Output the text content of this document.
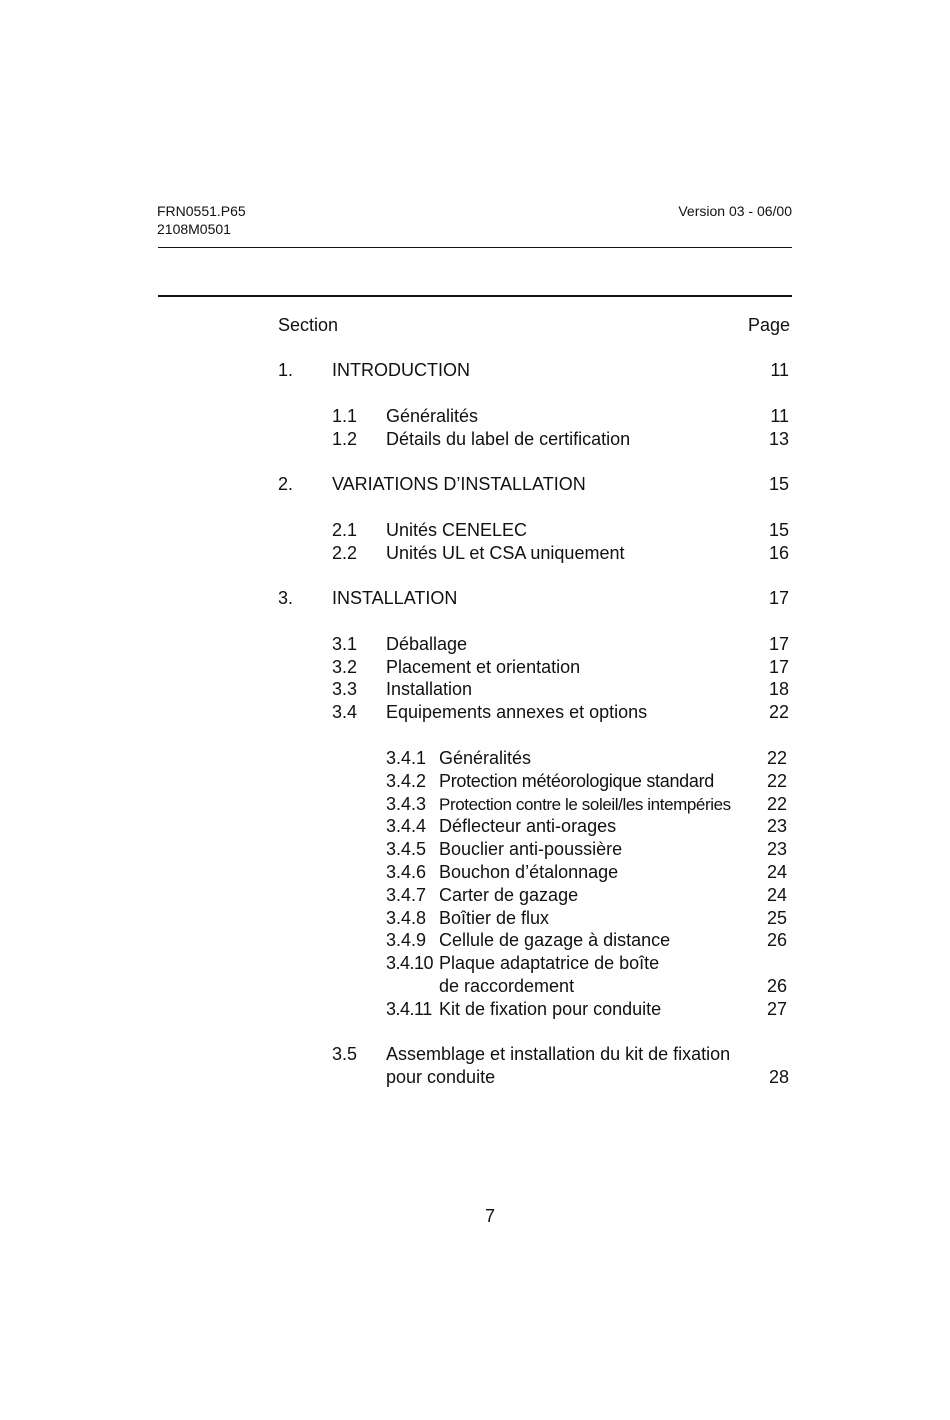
FRN0551.P65
2108M0501
Version 03 - 06/00
Section	Page
1. INTRODUCTION	11
1.1 Généralités	11
1.2 Détails du label de certification	13
2. VARIATIONS D’INSTALLATION	15
2.1 Unités CENELEC	15
2.2 Unités UL et CSA uniquement	16
3. INSTALLATION	17
3.1 Déballage	17
3.2 Placement et orientation	17
3.3 Installation	18
3.4 Equipements annexes et options	22
3.4.1 Généralités	22
3.4.2 Protection météorologique standard	22
3.4.3 Protection contre le soleil/les intempéries 22
3.4.4 Déflecteur anti-orages	23
3.4.5 Bouclier anti-poussière	23
3.4.6 Bouchon d’étalonnage	24
3.4.7 Carter de gazage	24
3.4.8 Boîtier de flux	25
3.4.9 Cellule de gazage à distance	26
3.4.10 Plaque adaptatrice de boîte
de raccordement	26
3.4.11 Kit de fixation pour conduite	27
3.5 Assemblage et installation du kit de fixation
pour conduite	28
7
